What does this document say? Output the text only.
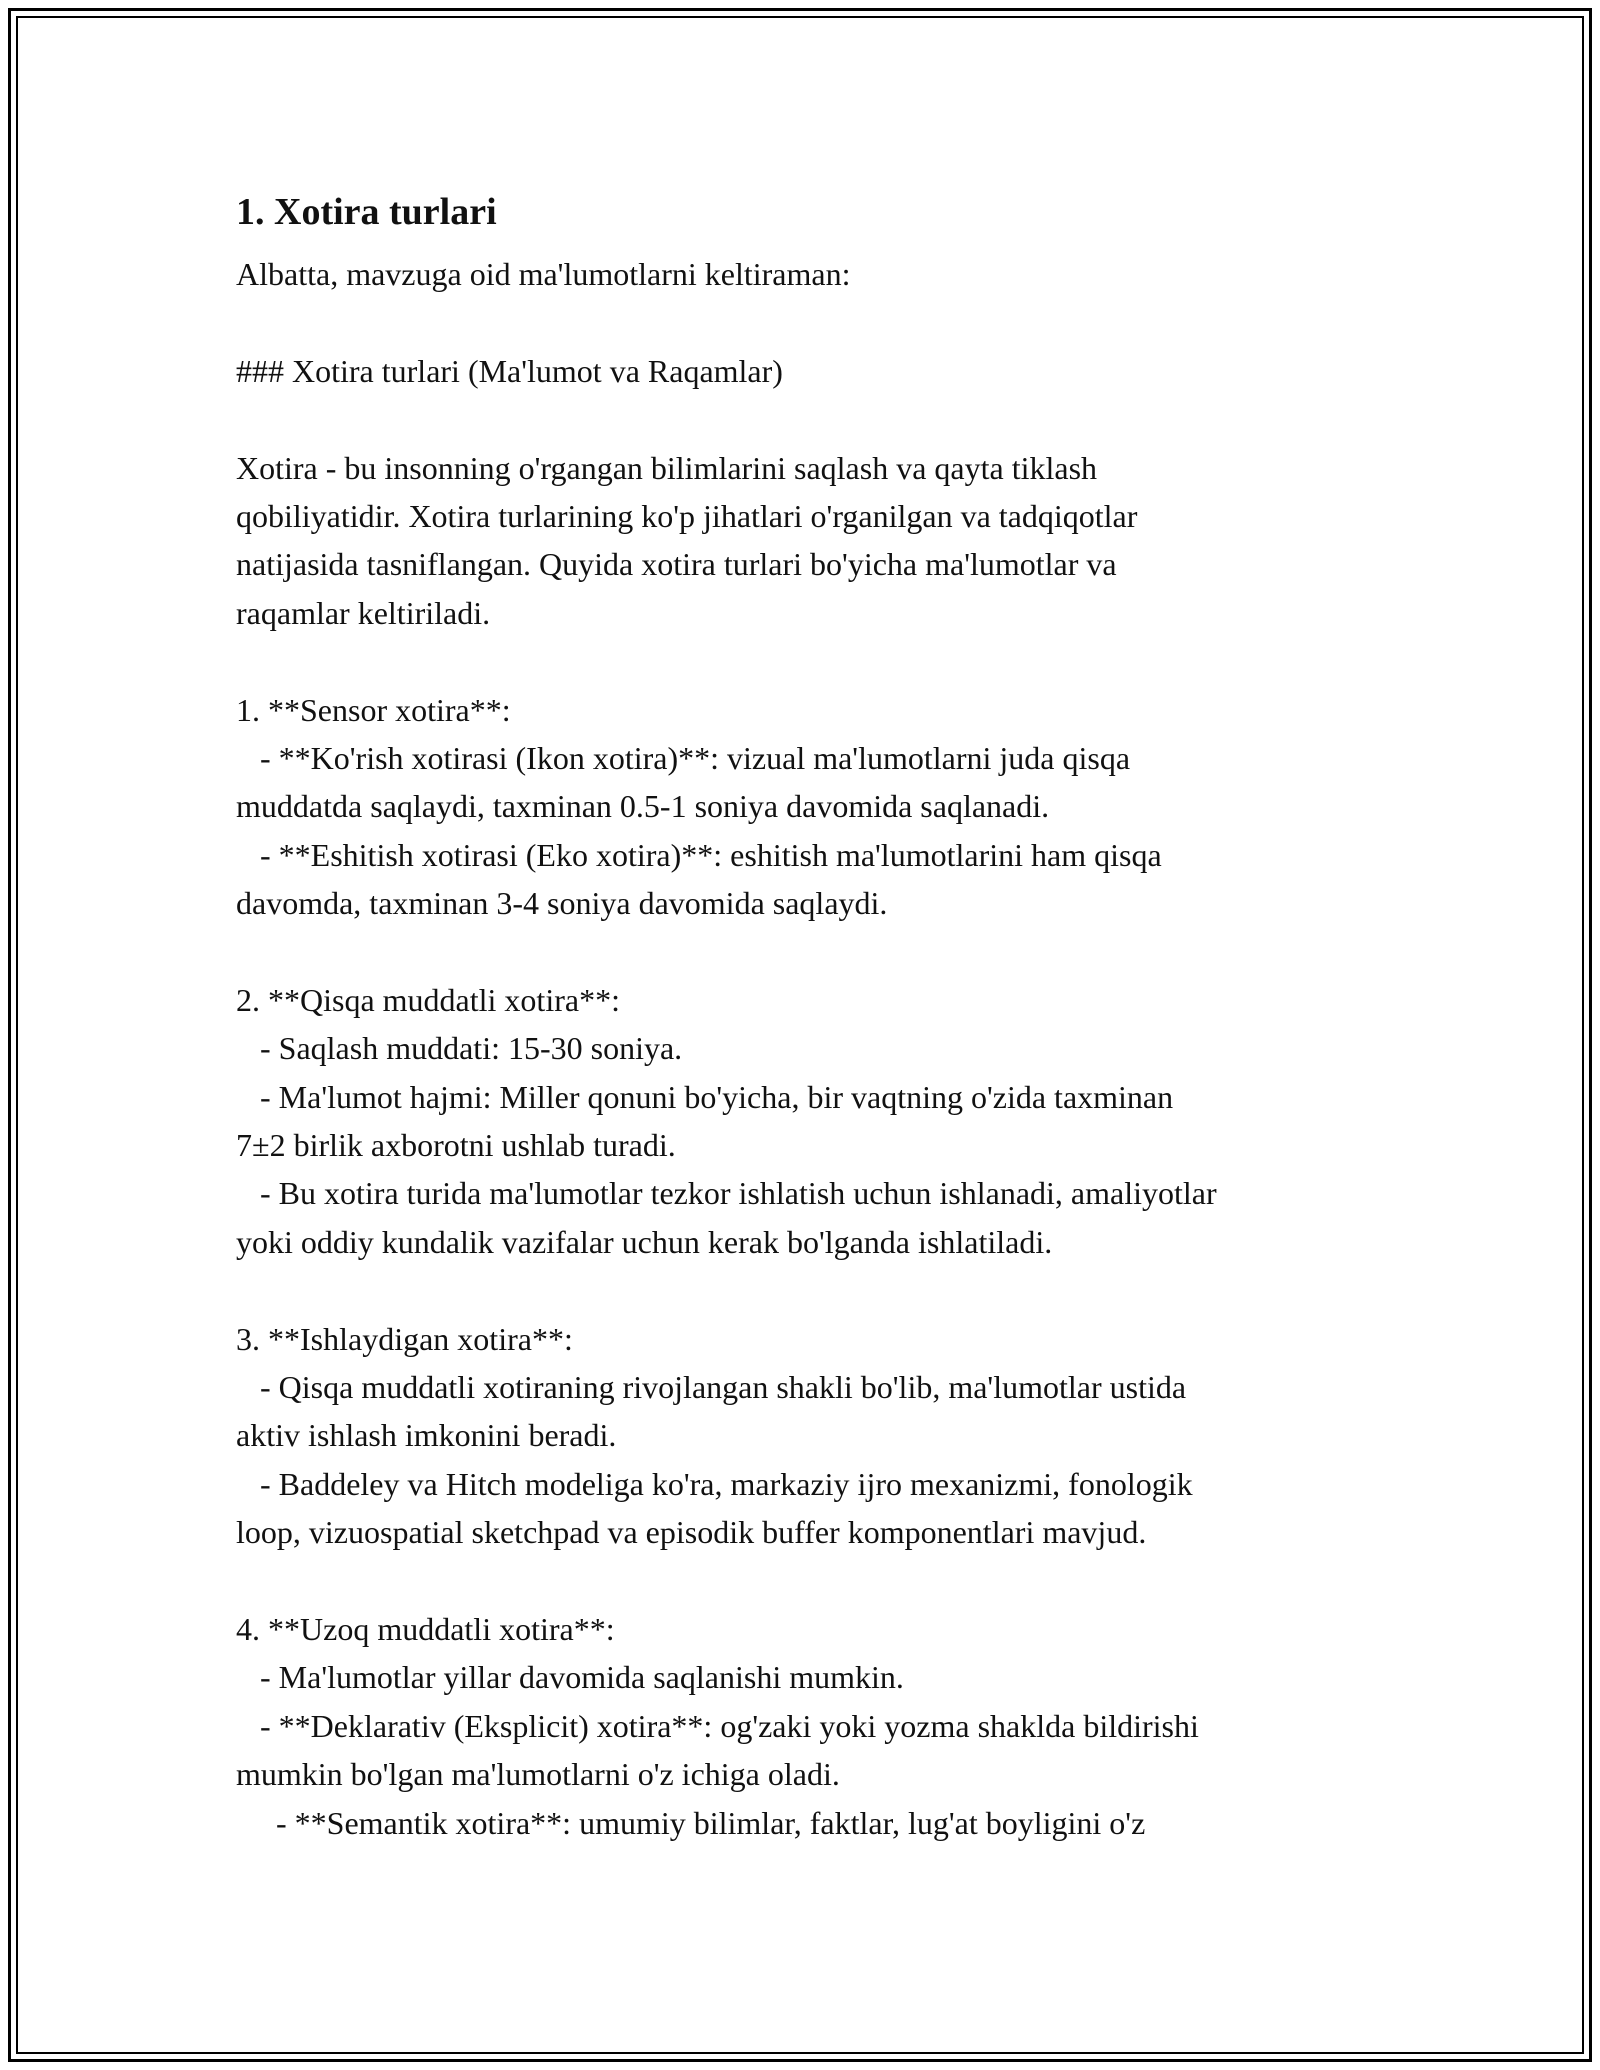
1. Xotira turlari
Albatta, mavzuga oid ma'lumotlarni keltiraman:
### Xotira turlari (Ma'lumot va Raqamlar)
Xotira - bu insonning o'rgangan bilimlarini saqlash va qayta tiklash
qobiliyatidir. Xotira turlarining ko'p jihatlari o'rganilgan va tadqiqotlar
natijasida tasniflangan. Quyida xotira turlari bo'yicha ma'lumotlar va
raqamlar keltiriladi.
1. **Sensor xotira**:
- **Ko'rish xotirasi (Ikon xotira)**: vizual ma'lumotlarni juda qisqa
muddatda saqlaydi, taxminan 0.5-1 soniya davomida saqlanadi.
- **Eshitish xotirasi (Eko xotira)**: eshitish ma'lumotlarini ham qisqa
davomda, taxminan 3-4 soniya davomida saqlaydi.
2. **Qisqa muddatli xotira**:
- Saqlash muddati: 15-30 soniya.
- Ma'lumot hajmi: Miller qonuni bo'yicha, bir vaqtning o'zida taxminan
7±2 birlik axborotni ushlab turadi.
- Bu xotira turida ma'lumotlar tezkor ishlatish uchun ishlanadi, amaliyotlar
yoki oddiy kundalik vazifalar uchun kerak bo'lganda ishlatiladi.
3. **Ishlaydigan xotira**:
- Qisqa muddatli xotiraning rivojlangan shakli bo'lib, ma'lumotlar ustida
aktiv ishlash imkonini beradi.
- Baddeley va Hitch modeliga ko'ra, markaziy ijro mexanizmi, fonologik
loop, vizuospatial sketchpad va episodik buffer komponentlari mavjud.
4. **Uzoq muddatli xotira**:
- Ma'lumotlar yillar davomida saqlanishi mumkin.
- **Deklarativ (Eksplicit) xotira**: og'zaki yoki yozma shaklda bildirishi
mumkin bo'lgan ma'lumotlarni o'z ichiga oladi.
- **Semantik xotira**: umumiy bilimlar, faktlar, lug'at boyligini o'z
